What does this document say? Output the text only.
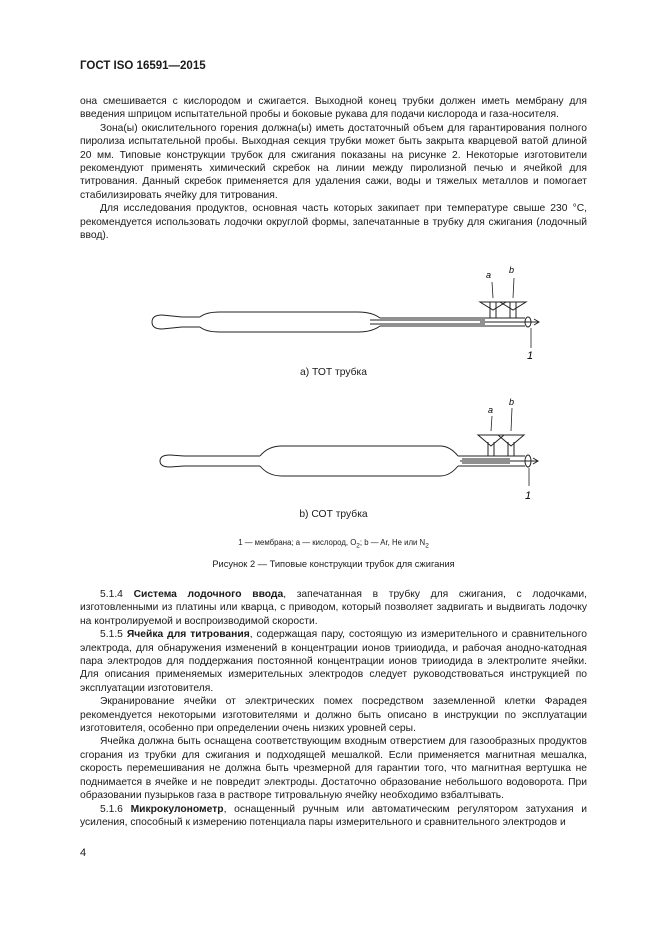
ГОСТ ISO 16591—2015

она смешивается с кислородом и сжигается. Выходной конец трубки должен иметь мембрану для введения шприцом испытательной пробы и боковые рукава для подачи кислорода и газа-носителя.

Зона(ы) окислительного горения должна(ы) иметь достаточный объем для гарантирования полного пиролиза испытательной пробы. Выходная секция трубки может быть закрыта кварцевой ватой длиной 20 мм. Типовые конструкции трубок для сжигания показаны на рисунке 2. Некоторые изготовители рекомендуют применять химический скребок на линии между пиролизной печью и ячейкой для титрования. Данный скребок применяется для удаления сажи, воды и тяжелых металлов и помогает стабилизировать ячейку для титрования.

Для исследования продуктов, основная часть которых закипает при температуре свыше 230 °С, рекомендуется использовать лодочки округлой формы, запечатанные в трубку для сжигания (лодочный ввод).

a b
1
а) ТОТ трубка
a
b
1
b) СОТ трубка
1 — мембрана; a — кислород, $O_2$; b — Ar, He или $N_2$
Рисунок 2 — Типовые конструкции трубок для сжигания

5.1.4 Система лодочного ввода, запечатанная в трубку для сжигания, с лодочками, изготовленными из платины или кварца, с приводом, который позволяет задвигать и выдвигать лодочку на контролируемой и воспроизводимой скорости.

5.1.5 Ячейка для титрования, содержащая пару, состоящую из измерительного и сравнительного электрода, для обнаружения изменений в концентрации ионов трииодида, и рабочая анодно-катодная пара электродов для поддержания постоянной концентрации ионов трииодида в электролите ячейки. Для описания применяемых измерительных электродов следует руководствоваться инструкцией по эксплуатации изготовителя.

Экранирование ячейки от электрических помех посредством заземленной клетки Фарадея рекомендуется некоторыми изготовителями и должно быть описано в инструкции по эксплуатации изготовителя, особенно при определении очень низких уровней серы.

Ячейка должна быть оснащена соответствующим входным отверстием для газообразных продуктов сгорания из трубки для сжигания и подходящей мешалкой. Если применяется магнитная мешалка, скорость перемешивания не должна быть чрезмерной для гарантии того, что магнитная вертушка не поднимается в ячейке и не повредит электроды. Достаточно образование небольшого водоворота. При образовании пузырьков газа в растворе титровальную ячейку необходимо взбалтывать.

5.1.6 Микрокулонометр, оснащенный ручным или автоматическим регулятором затухания и усиления, способный к измерению потенциала пары измерительного и сравнительного электродов и

4
